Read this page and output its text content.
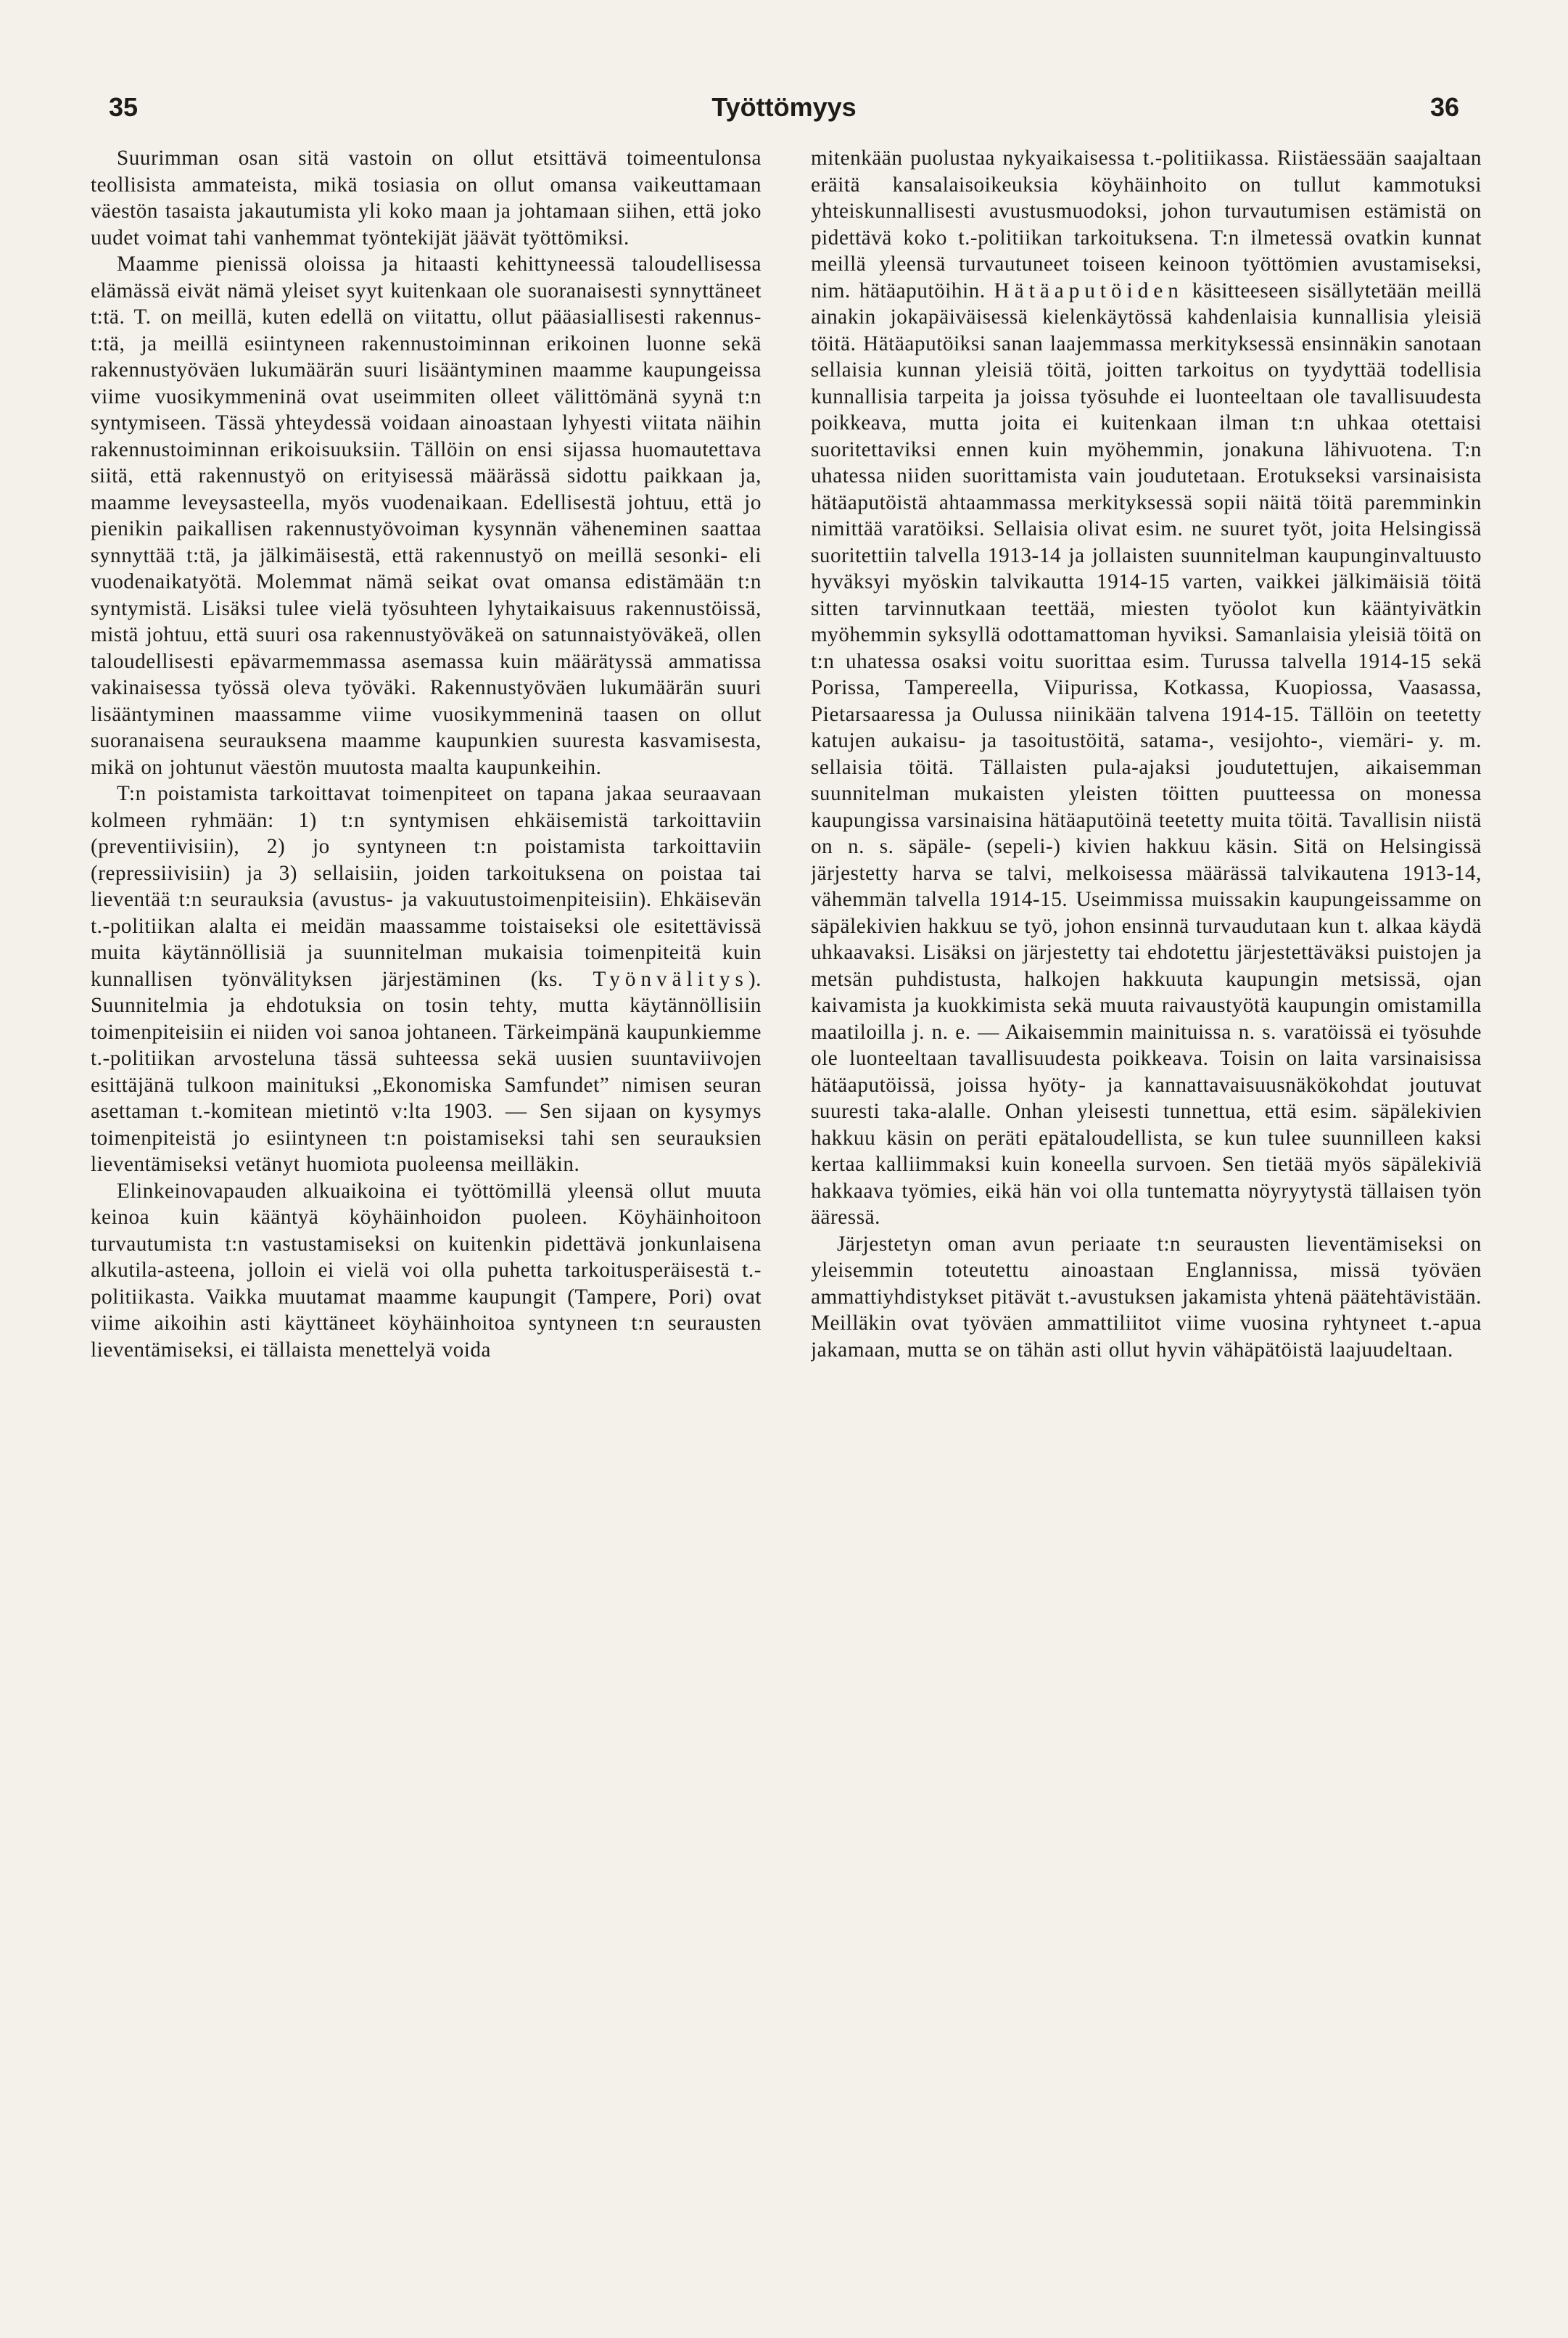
35	Työttömyys	36

Suurimman osan sitä vastoin on ollut etsittävä toimeentulonsa teollisista ammateista, mikä tosiasia on ollut omansa vaikeuttamaan väestön tasaista jakautumista yli koko maan ja johtamaan siihen, että joko uudet voimat tahi vanhemmat työntekijät jäävät työttömiksi.

Maamme pienissä oloissa ja hitaasti kehittyneessä taloudellisessa elämässä eivät nämä yleiset syyt kuitenkaan ole suoranaisesti synnyttäneet t:tä. T. on meillä, kuten edellä on viitattu, ollut pääasiallisesti rakennus-t:tä, ja meillä esiintyneen rakennustoiminnan erikoinen luonne sekä rakennustyöväen lukumäärän suuri lisääntyminen maamme kaupungeissa viime vuosikymmeninä ovat useimmiten olleet välittömänä syynä t:n syntymiseen. Tässä yhteydessä voidaan ainoastaan lyhyesti viitata näihin rakennustoiminnan erikoisuuksiin. Tällöin on ensi sijassa huomautettava siitä, että rakennustyö on erityisessä määrässä sidottu paikkaan ja, maamme leveysasteella, myös vuodenaikaan. Edellisestä johtuu, että jo pienikin paikallisen rakennustyövoiman kysynnän väheneminen saattaa synnyttää t:tä, ja jälkimäisestä, että rakennustyö on meillä sesonki- eli vuodenaikatyötä. Molemmat nämä seikat ovat omansa edistämään t:n syntymistä. Lisäksi tulee vielä työsuhteen lyhytaikaisuus rakennustöissä, mistä johtuu, että suuri osa rakennustyöväkeä on satunnaistyöväkeä, ollen taloudellisesti epävarmemmassa asemassa kuin määrätyssä ammatissa vakinaisessa työssä oleva työväki. Rakennustyöväen lukumäärän suuri lisääntyminen maassamme viime vuosikymmeninä taasen on ollut suoranaisena seurauksena maamme kaupunkien suuresta kasvamisesta, mikä on johtunut väestön muutosta maalta kaupunkeihin.

T:n poistamista tarkoittavat toimenpiteet on tapana jakaa seuraavaan kolmeen ryhmään: 1) t:n syntymisen ehkäisemistä tarkoittaviin (preventiivisiin), 2) jo syntyneen t:n poistamista tarkoittaviin (repressiivisiin) ja 3) sellaisiin, joiden tarkoituksena on poistaa tai lieventää t:n seurauksia (avustus- ja vakuutustoimenpiteisiin). Ehkäisevän t.-politiikan alalta ei meidän maassamme toistaiseksi ole esitettävissä muita käytännöllisiä ja suunnitelman mukaisia toimenpiteitä kuin kunnallisen työnvälityksen järjestäminen (ks. Työnvälitys). Suunnitelmia ja ehdotuksia on tosin tehty, mutta käytännöllisiin toimenpiteisiin ei niiden voi sanoa johtaneen. Tärkeimpänä kaupunkiemme t.-politiikan arvosteluna tässä suhteessa sekä uusien suuntaviivojen esittäjänä tulkoon mainituksi „Ekonomiska Samfundet” nimisen seuran asettaman t.-komitean mietintö v:lta 1903. — Sen sijaan on kysymys toimenpiteistä jo esiintyneen t:n poistamiseksi tahi sen seurauksien lieventämiseksi vetänyt huomiota puoleensa meilläkin.

Elinkeinovapauden alkuaikoina ei työttömillä yleensä ollut muuta keinoa kuin kääntyä köyhäinhoidon puoleen. Köyhäinhoitoon turvautumista t:n vastustamiseksi on kuitenkin pidettävä jonkunlaisena alkutila-asteena, jolloin ei vielä voi olla puhetta tarkoitusperäisestä t.-politiikasta. Vaikka muutamat maamme kaupungit (Tampere, Pori) ovat viime aikoihin asti käyttäneet köyhäinhoitoa syntyneen t:n seurausten lieventämiseksi, ei tällaista menettelyä voida

mitenkään puolustaa nykyaikaisessa t.-politiikassa. Riistäessään saajaltaan eräitä kansalaisoikeuksia köyhäinhoito on tullut kammotuksi yhteiskunnallisesti avustusmuodoksi, johon turvautumisen estämistä on pidettävä koko t.-politiikan tarkoituksena. T:n ilmetessä ovatkin kunnat meillä yleensä turvautuneet toiseen keinoon työttömien avustamiseksi, nim. hätäaputöihin. Hätäaputöiden käsitteeseen sisällytetään meillä ainakin jokapäiväisessä kielenkäytössä kahdenlaisia kunnallisia yleisiä töitä. Hätäaputöiksi sanan laajemmassa merkityksessä ensinnäkin sanotaan sellaisia kunnan yleisiä töitä, joitten tarkoitus on tyydyttää todellisia kunnallisia tarpeita ja joissa työsuhde ei luonteeltaan ole tavallisuudesta poikkeava, mutta joita ei kuitenkaan ilman t:n uhkaa otettaisi suoritettaviksi ennen kuin myöhemmin, jonakuna lähivuotena. T:n uhatessa niiden suorittamista vain joudutetaan. Erotukseksi varsinaisista hätäaputöistä ahtaammassa merkityksessä sopii näitä töitä paremminkin nimittää varatöiksi. Sellaisia olivat esim. ne suuret työt, joita Helsingissä suoritettiin talvella 1913-14 ja jollaisten suunnitelman kaupunginvaltuusto hyväksyi myöskin talvikautta 1914-15 varten, vaikkei jälkimäisiä töitä sitten tarvinnutkaan teettää, miesten työolot kun kääntyivätkin myöhemmin syksyllä odottamattoman hyviksi. Samanlaisia yleisiä töitä on t:n uhatessa osaksi voitu suorittaa esim. Turussa talvella 1914-15 sekä Porissa, Tampereella, Viipurissa, Kotkassa, Kuopiossa, Vaasassa, Pietarsaaressa ja Oulussa niinikään talvena 1914-15. Tällöin on teetetty katujen aukaisu- ja tasoitustöitä, satama-, vesijohto-, viemäri- y. m. sellaisia töitä. Tällaisten pula-ajaksi joudutettujen, aikaisemman suunnitelman mukaisten yleisten töitten puutteessa on monessa kaupungissa varsinaisina hätäaputöinä teetetty muita töitä. Tavallisin niistä on n. s. säpäle- (sepeli-) kivien hakkuu käsin. Sitä on Helsingissä järjestetty harva se talvi, melkoisessa määrässä talvikautena 1913-14, vähemmän talvella 1914-15. Useimmissa muissakin kaupungeissamme on säpälekivien hakkuu se työ, johon ensinnä turvaudutaan kun t. alkaa käydä uhkaavaksi. Lisäksi on järjestetty tai ehdotettu järjestettäväksi puistojen ja metsän puhdistusta, halkojen hakkuuta kaupungin metsissä, ojan kaivamista ja kuokkimista sekä muuta raivaustyötä kaupungin omistamilla maatiloilla j. n. e. — Aikaisemmin mainituissa n. s. varatöissä ei työsuhde ole luonteeltaan tavallisuudesta poikkeava. Toisin on laita varsinaisissa hätäaputöissä, joissa hyöty- ja kannattavaisuusnäkökohdat joutuvat suuresti taka-alalle. Onhan yleisesti tunnettua, että esim. säpälekivien hakkuu käsin on peräti epätaloudellista, se kun tulee suunnilleen kaksi kertaa kalliimmaksi kuin koneella survoen. Sen tietää myös säpälekiviä hakkaava työmies, eikä hän voi olla tuntematta nöyryytystä tällaisen työn ääressä.

Järjestetyn oman avun periaate t:n seurausten lieventämiseksi on yleisemmin toteutettu ainoastaan Englannissa, missä työväen ammattiyhdistykset pitävät t.-avustuksen jakamista yhtenä päätehtävistään. Meilläkin ovat työväen ammattiliitot viime vuosina ryhtyneet t.-apua jakamaan, mutta se on tähän asti ollut hyvin vähäpätöistä laajuudeltaan.
